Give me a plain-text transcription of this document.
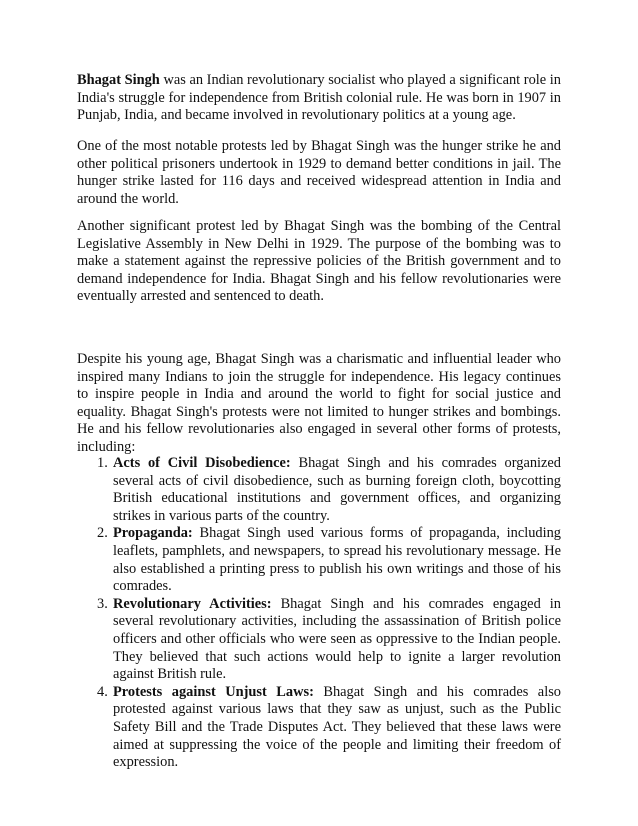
Bhagat Singh was an Indian revolutionary socialist who played a significant role in India's struggle for independence from British colonial rule. He was born in 1907 in Punjab, India, and became involved in revolutionary politics at a young age.

One of the most notable protests led by Bhagat Singh was the hunger strike he and other political prisoners undertook in 1929 to demand better conditions in jail. The hunger strike lasted for 116 days and received widespread attention in India and around the world.

Another significant protest led by Bhagat Singh was the bombing of the Central Legislative Assembly in New Delhi in 1929. The purpose of the bombing was to make a statement against the repressive policies of the British government and to demand independence for India. Bhagat Singh and his fellow revolutionaries were eventually arrested and sentenced to death.

Despite his young age, Bhagat Singh was a charismatic and influential leader who inspired many Indians to join the struggle for independence. His legacy continues to inspire people in India and around the world to fight for social justice and equality. Bhagat Singh's protests were not limited to hunger strikes and bombings. He and his fellow revolutionaries also engaged in several other forms of protests, including:

1. Acts of Civil Disobedience: Bhagat Singh and his comrades organized several acts of civil disobedience, such as burning foreign cloth, boycotting British educational institutions and government offices, and organizing strikes in various parts of the country.
2. Propaganda: Bhagat Singh used various forms of propaganda, including leaflets, pamphlets, and newspapers, to spread his revolutionary message. He also established a printing press to publish his own writings and those of his comrades.
3. Revolutionary Activities: Bhagat Singh and his comrades engaged in several revolutionary activities, including the assassination of British police officers and other officials who were seen as oppressive to the Indian people. They believed that such actions would help to ignite a larger revolution against British rule.
4. Protests against Unjust Laws: Bhagat Singh and his comrades also protested against various laws that they saw as unjust, such as the Public Safety Bill and the Trade Disputes Act. They believed that these laws were aimed at suppressing the voice of the people and limiting their freedom of expression.
